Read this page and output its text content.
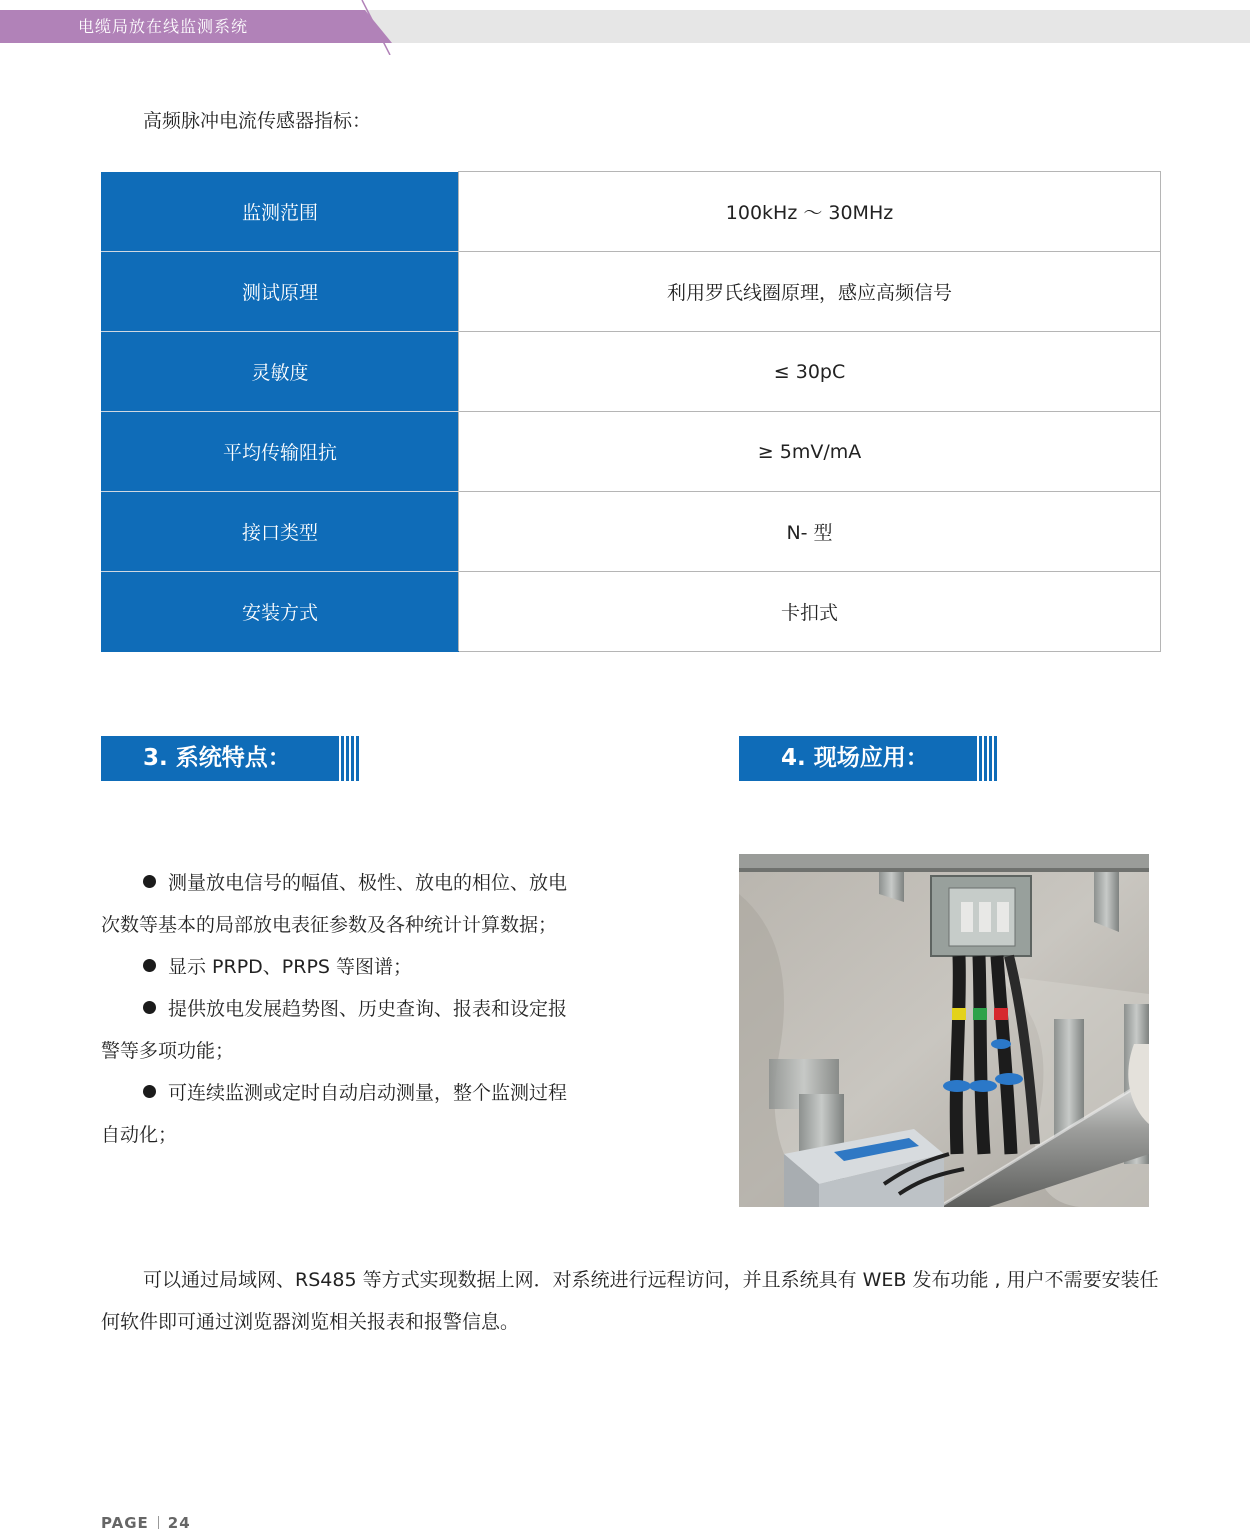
电缆局放在线监测系统
高频脉冲电流传感器指标：
监测范围	100kHz ～ 30MHz
测试原理	利用罗氏线圈原理，感应高频信号
灵敏度	≤ 30pC
平均传输阻抗	≥ 5mV/mA
接口类型	N- 型
安装方式	卡扣式
3. 系统特点：	4. 现场应用：

测量放电信号的幅值、极性、放电的相位、放电
次数等基本的局部放电表征参数及各种统计计算数据；

显示 PRPD、PRPS 等图谱；

提供放电发展趋势图、历史查询、报表和设定报
警等多项功能；

可连续监测或定时自动启动测量，整个监测过程
自动化；

可以通过局域网、RS485 等方式实现数据上网．对系统进行远程访问，并且系统具有 WEB 发布功能 , 用户不需要安装任何软件即可通过浏览器浏览相关报表和报警信息。
PAGE 24
